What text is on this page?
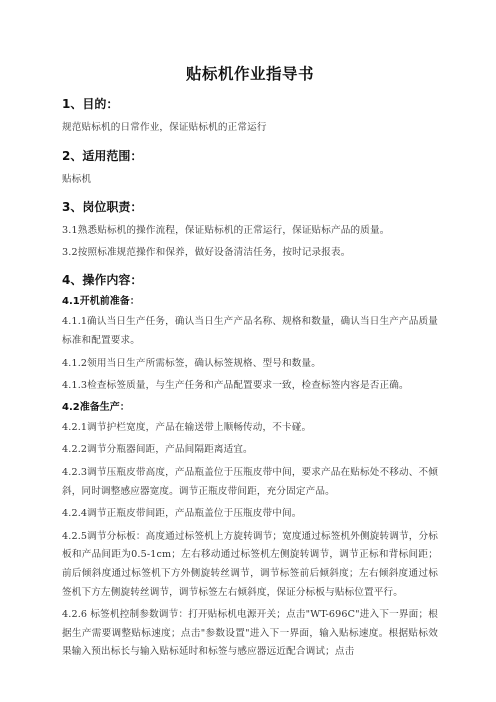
贴标机作业指导书
1、目的：
规范贴标机的日常作业，保证贴标机的正常运行
2、适用范围：
贴标机
3、岗位职责：
3.1熟悉贴标机的操作流程，保证贴标机的正常运行，保证贴标产品的质量。
3.2按照标准规范操作和保养，做好设备清洁任务，按时记录报表。
4、操作内容：
4.1开机前准备：
4.1.1确认当日生产任务，确认当日生产产品名称、规格和数量，确认当日生产产品质量标准和配置要求。
4.1.2领用当日生产所需标签，确认标签规格、型号和数量。
4.1.3检查标签质量，与生产任务和产品配置要求一致，检查标签内容是否正确。
4.2准备生产：
4.2.1调节护栏宽度，产品在输送带上顺畅传动，不卡碰。
4.2.2调节分瓶器间距，产品间隔距离适宜。
4.2.3调节压瓶皮带高度，产品瓶盖位于压瓶皮带中间，要求产品在贴标处不移动、不倾斜，同时调整感应器宽度。调节正瓶皮带间距，充分固定产品。
4.2.4调节正瓶皮带间距，产品瓶盖位于压瓶皮带中间。
4.2.5调节分标板：高度通过标签机上方旋转调节；宽度通过标签机外侧旋转调节，分标板和产品间距为0.5-1cm；左右移动通过标签机左侧旋转调节，调节正标和背标间距；前后倾斜度通过标签机下方外侧旋转丝调节，调节标签前后倾斜度；左右倾斜度通过标签机下方左侧旋转丝调节，调节标签左右倾斜度，保证分标板与贴标位置平行。
4.2.6 标签机控制参数调节：打开贴标机电源开关；点击"WT-696C"进入下一界面；根据生产需要调整贴标速度；点击"参数设置"进入下一界面，输入贴标速度。根据贴标效果输入预出标长与输入贴标延时和标签与感应器远近配合调试；点击
